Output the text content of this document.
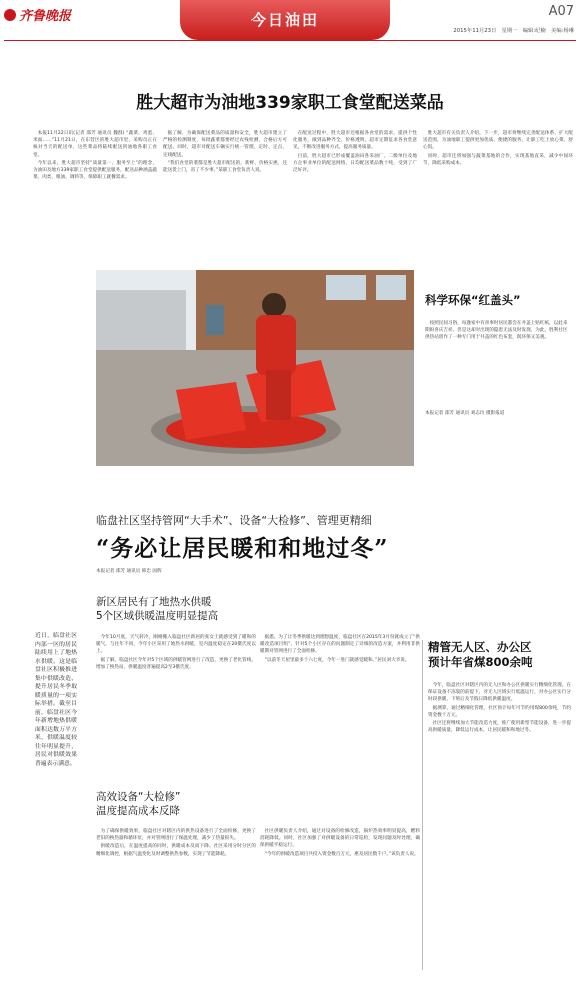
齐鲁晚报	今日油田	A07
2015年11月23日　星期一　编辑:纪楠　美编:杨琳
胜大超市为油地339家职工食堂配送菜品

本报11月22日讯(记者 邵芳 通讯员 魏群) “蔬菜、鸡蛋、米面……”11月21日，在东营区的胜大超市里，采购员正在核对当天的配送单，这些菜品将陆续配送到油地各职工食堂。

今年以来，胜大超市坚持“质量第一、服务至上”的理念，为油田及地方339家职工食堂提供配送服务，配送品种涵盖蔬菜、肉类、粮油、调料等，保障职工就餐需求。

据了解，为确保配送菜品的质量和安全，胜大超市建立了严格的检测制度，每批蔬菜都要经过农残检测，合格后方可配送。同时，超市对配送车辆实行统一管理，定时、定点、定线配送。

“我们食堂的菜都是胜大超市配送的，新鲜、价格实惠，还能送货上门，省了不少事。”某职工食堂负责人说。

在配送过程中，胜大超市还根据各食堂的需求，提供个性化服务，做到品种齐全、价格透明。超市定期征求各食堂意见，不断改进服务方式，提高服务质量。

目前，胜大超市已形成覆盖油田各采油厂、二级单位及地方企事业单位的配送网络，日均配送菜品数十吨，受到了广泛好评。

胜大超市有关负责人介绍，下一步，超市将继续完善配送体系，扩大配送范围，为油地职工提供更加优质、便捷的服务，让职工吃上放心菜、舒心饭。

同时，超市还将加强与蔬菜基地的合作，实现基地直采，减少中间环节，降低采购成本。

科学环保“红盖头”
按照民间习俗，每逢家中有喜事时居民都会在井盖上贴红纸，以此来期盼喜庆吉祥。但是这却对出现的隐患无法及时发现。为此，胜利社区供热站创作了一种专门用于井盖的红色布套，既环保又美观。
本报记者 邵芳 通讯员 刘志玲 摄影报道
临盘社区坚持管网“大手术”、设备“大检修”、管理更精细
“务必让居民暖和和地过冬”
本报记者 邵芳 通讯员 韩忠 国辉
近日，临盘社区内部一区的居民陆续用上了地热水供暖。这是临盘社区积极推进集中供暖改造、提升居民冬季取暖质量的一项实际举措。截至目前，临盘社区今年新增地热供暖面积达数万平方米，供暖温度较往年明显提升，居民对供暖效果普遍表示满意。
新区居民有了地热水供暖
5个区域供暖温度明显提高

今年10月底，天气转冷，刚刚搬入临盘社区新居的张女士就感受到了暖和的暖气。与往年不同，今年小区采用了地热水供暖，室内温度稳定在20摄氏度以上。

据了解，临盘社区今年对5个区域的供暖管网进行了改造，更换了老化管线，增加了换热站，供暖温度普遍提高2至3摄氏度。

据悉，为了让冬季供暖达到理想温度，临盘社区在2015年3月份就成立了“供暖改造项目组”，针对5个小区存在的问题制定了详细的改造方案，并利用非供暖期对管网进行了全面检修。

“以前冬天屋里最多十六七度，今年一进门就感觉暖和。”居民刘大爷说。

高效设备“大检修”
温度提高成本反降

为了确保供暖效果，临盘社区对辖区内的供热设备进行了全面检修，更换了老旧的换热器和循环泵，并对管网进行了保温处理，减少了热量损失。

供暖改造后，在温度提高的同时，供暖成本反而下降。社区采用分时分区的精细化调控，根据气温变化及时调整供热参数，实现了节能降耗。

社区供暖负责人介绍，通过对设备的检修改造，锅炉热效率明显提高，燃料消耗降低。同时，社区加强了对供暖设备的日常巡检，发现问题及时处理，确保供暖平稳运行。

“今年的供暖改造项目共投入资金数百万元，惠及居民数千户。”该负责人说。

精管无人区、办公区
预计年省煤800余吨

今年，临盘社区对辖区内的无人区和办公区供暖实行精细化管理。在保证设备不冻裂的前提下，对无人区域实行低温运行，对办公区实行分时段供暖，下班后及节假日降低供暖温度。

据测算，通过精细化管理，社区预计每年可节约用煤800余吨，节约资金数十万元。

社区还将继续加大节能改造力度，推广使用新型节能设备，进一步提高供暖质量，降低运行成本，让居民暖和和地过冬。
